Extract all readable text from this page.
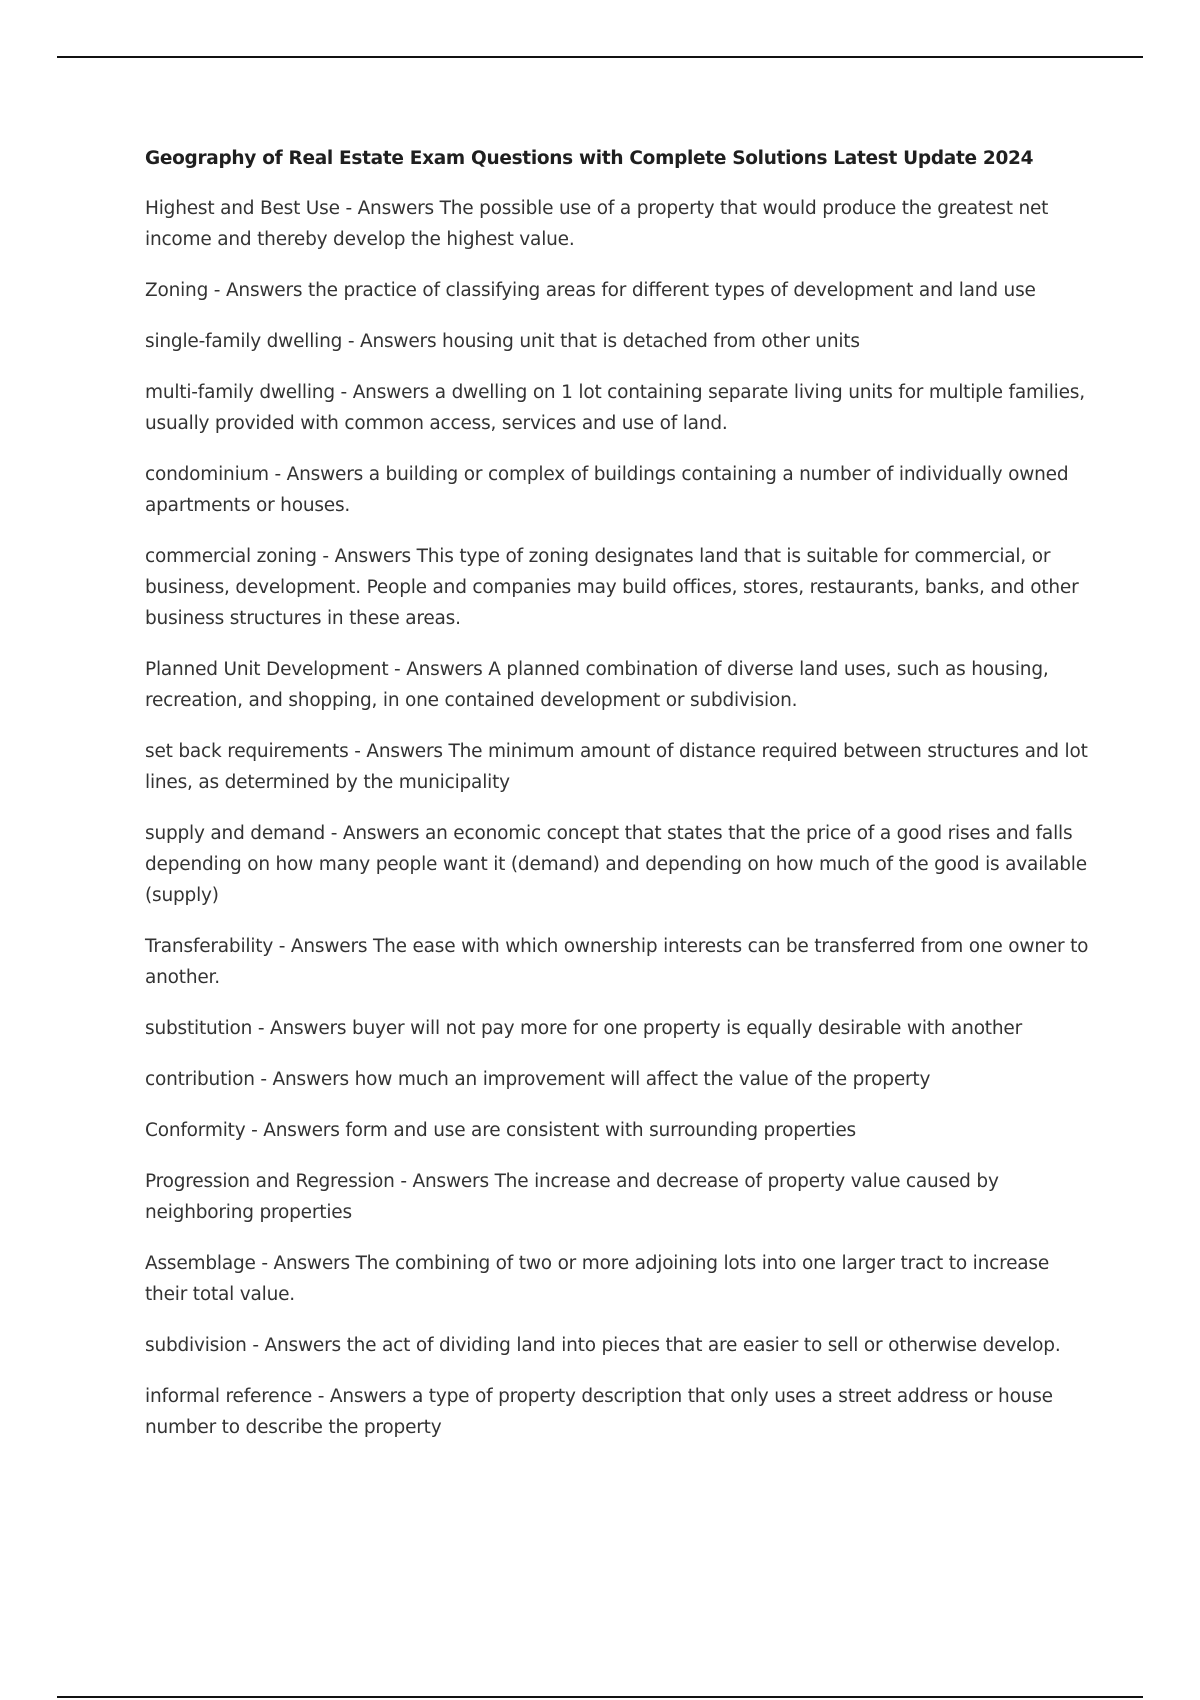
Geography of Real Estate Exam Questions with Complete Solutions Latest Update 2024

Highest and Best Use - Answers The possible use of a property that would produce the greatest net income and thereby develop the highest value.

Zoning - Answers the practice of classifying areas for different types of development and land use

single-family dwelling - Answers housing unit that is detached from other units

multi-family dwelling - Answers a dwelling on 1 lot containing separate living units for multiple families, usually provided with common access, services and use of land.

condominium - Answers a building or complex of buildings containing a number of individually owned apartments or houses.

commercial zoning - Answers This type of zoning designates land that is suitable for commercial, or business, development. People and companies may build offices, stores, restaurants, banks, and other business structures in these areas.

Planned Unit Development - Answers A planned combination of diverse land uses, such as housing, recreation, and shopping, in one contained development or subdivision.

set back requirements - Answers The minimum amount of distance required between structures and lot lines, as determined by the municipality

supply and demand - Answers an economic concept that states that the price of a good rises and falls depending on how many people want it (demand) and depending on how much of the good is available (supply)

Transferability - Answers The ease with which ownership interests can be transferred from one owner to another.

substitution - Answers buyer will not pay more for one property is equally desirable with another

contribution - Answers how much an improvement will affect the value of the property

Conformity - Answers form and use are consistent with surrounding properties

Progression and Regression - Answers The increase and decrease of property value caused by neighboring properties

Assemblage - Answers The combining of two or more adjoining lots into one larger tract to increase their total value.

subdivision - Answers the act of dividing land into pieces that are easier to sell or otherwise develop.

informal reference - Answers a type of property description that only uses a street address or house number to describe the property
